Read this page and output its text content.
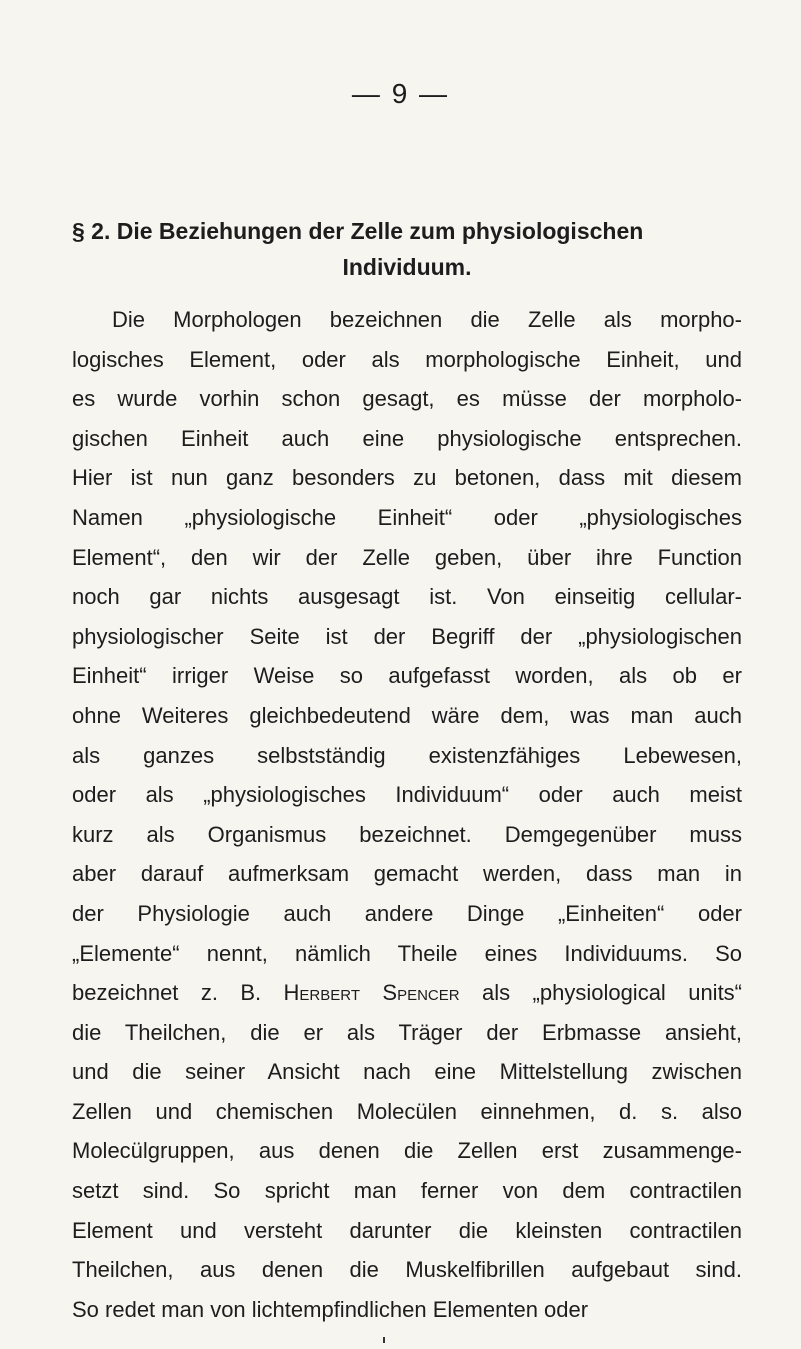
— 9 —
§ 2. Die Beziehungen der Zelle zum physiologischen
Individuum.
Die Morphologen bezeichnen die Zelle als morpho-
logisches Element, oder als morphologische Einheit, und
es wurde vorhin schon gesagt, es müsse der morpholo-
gischen Einheit auch eine physiologische entsprechen.
Hier ist nun ganz besonders zu betonen, dass mit diesem
Namen „physiologische Einheit“ oder „physiologisches
Element“, den wir der Zelle geben, über ihre Function
noch gar nichts ausgesagt ist. Von einseitig cellular-
physiologischer Seite ist der Begriff der „physiologischen
Einheit“ irriger Weise so aufgefasst worden, als ob er
ohne Weiteres gleichbedeutend wäre dem, was man auch
als ganzes selbstständig existenzfähiges Lebewesen,
oder als „physiologisches Individuum“ oder auch meist
kurz als Organismus bezeichnet. Demgegenüber muss
aber darauf aufmerksam gemacht werden, dass man in
der Physiologie auch andere Dinge „Einheiten“ oder
„Elemente“ nennt, nämlich Theile eines Individuums. So
bezeichnet z. B. Herbert Spencer als „physiological units“
die Theilchen, die er als Träger der Erbmasse ansieht,
und die seiner Ansicht nach eine Mittelstellung zwischen
Zellen und chemischen Molecülen einnehmen, d. s. also
Molecülgruppen, aus denen die Zellen erst zusammenge-
setzt sind. So spricht man ferner von dem contractilen
Element und versteht darunter die kleinsten contractilen
Theilchen, aus denen die Muskelfibrillen aufgebaut sind.
So redet man von lichtempfindlichen Elementen oder
